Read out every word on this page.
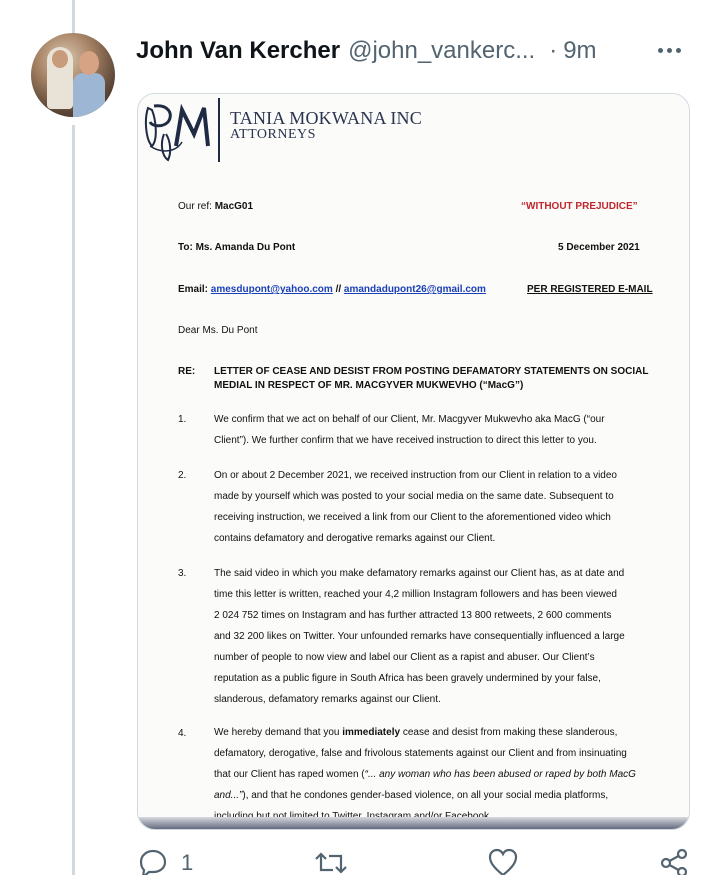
John Van Kercher @john_vankerc... · 9m
TANIA MOKWANA INC
ATTORNEYS
Our ref: MacG01	“WITHOUT PREJUDICE”
To: Ms. Amanda Du Pont	5 December 2021
Email: amesdupont@yahoo.com // amandadupont26@gmail.com	PER REGISTERED E-MAIL
Dear Ms. Du Pont
RE: LETTER OF CEASE AND DESIST FROM POSTING DEFAMATORY STATEMENTS ON SOCIAL
MEDIAL IN RESPECT OF MR. MACGYVER MUKWEVHO (“MacG”)
1.	We confirm that we act on behalf of our Client, Mr. Macgyver Mukwevho aka MacG (“our
Client”). We further confirm that we have received instruction to direct this letter to you.
2.	On or about 2 December 2021, we received instruction from our Client in relation to a video
made by yourself which was posted to your social media on the same date. Subsequent to
receiving instruction, we received a link from our Client to the aforementioned video which
contains defamatory and derogative remarks against our Client.
3.	The said video in which you make defamatory remarks against our Client has, as at date and
time this letter is written, reached your 4,2 million Instagram followers and has been viewed
2 024 752 times on Instagram and has further attracted 13 800 retweets, 2 600 comments
and 32 200 likes on Twitter. Your unfounded remarks have consequentially influenced a large
number of people to now view and label our Client as a rapist and abuser. Our Client’s
reputation as a public figure in South Africa has been gravely undermined by your false,
slanderous, defamatory remarks against our Client.
4.	We hereby demand that you immediately cease and desist from making these slanderous,
defamatory, derogative, false and frivolous statements against our Client and from insinuating
that our Client has raped women (“... any woman who has been abused or raped by both MacG
and...”), and that he condones gender-based violence, on all your social media platforms,
1
